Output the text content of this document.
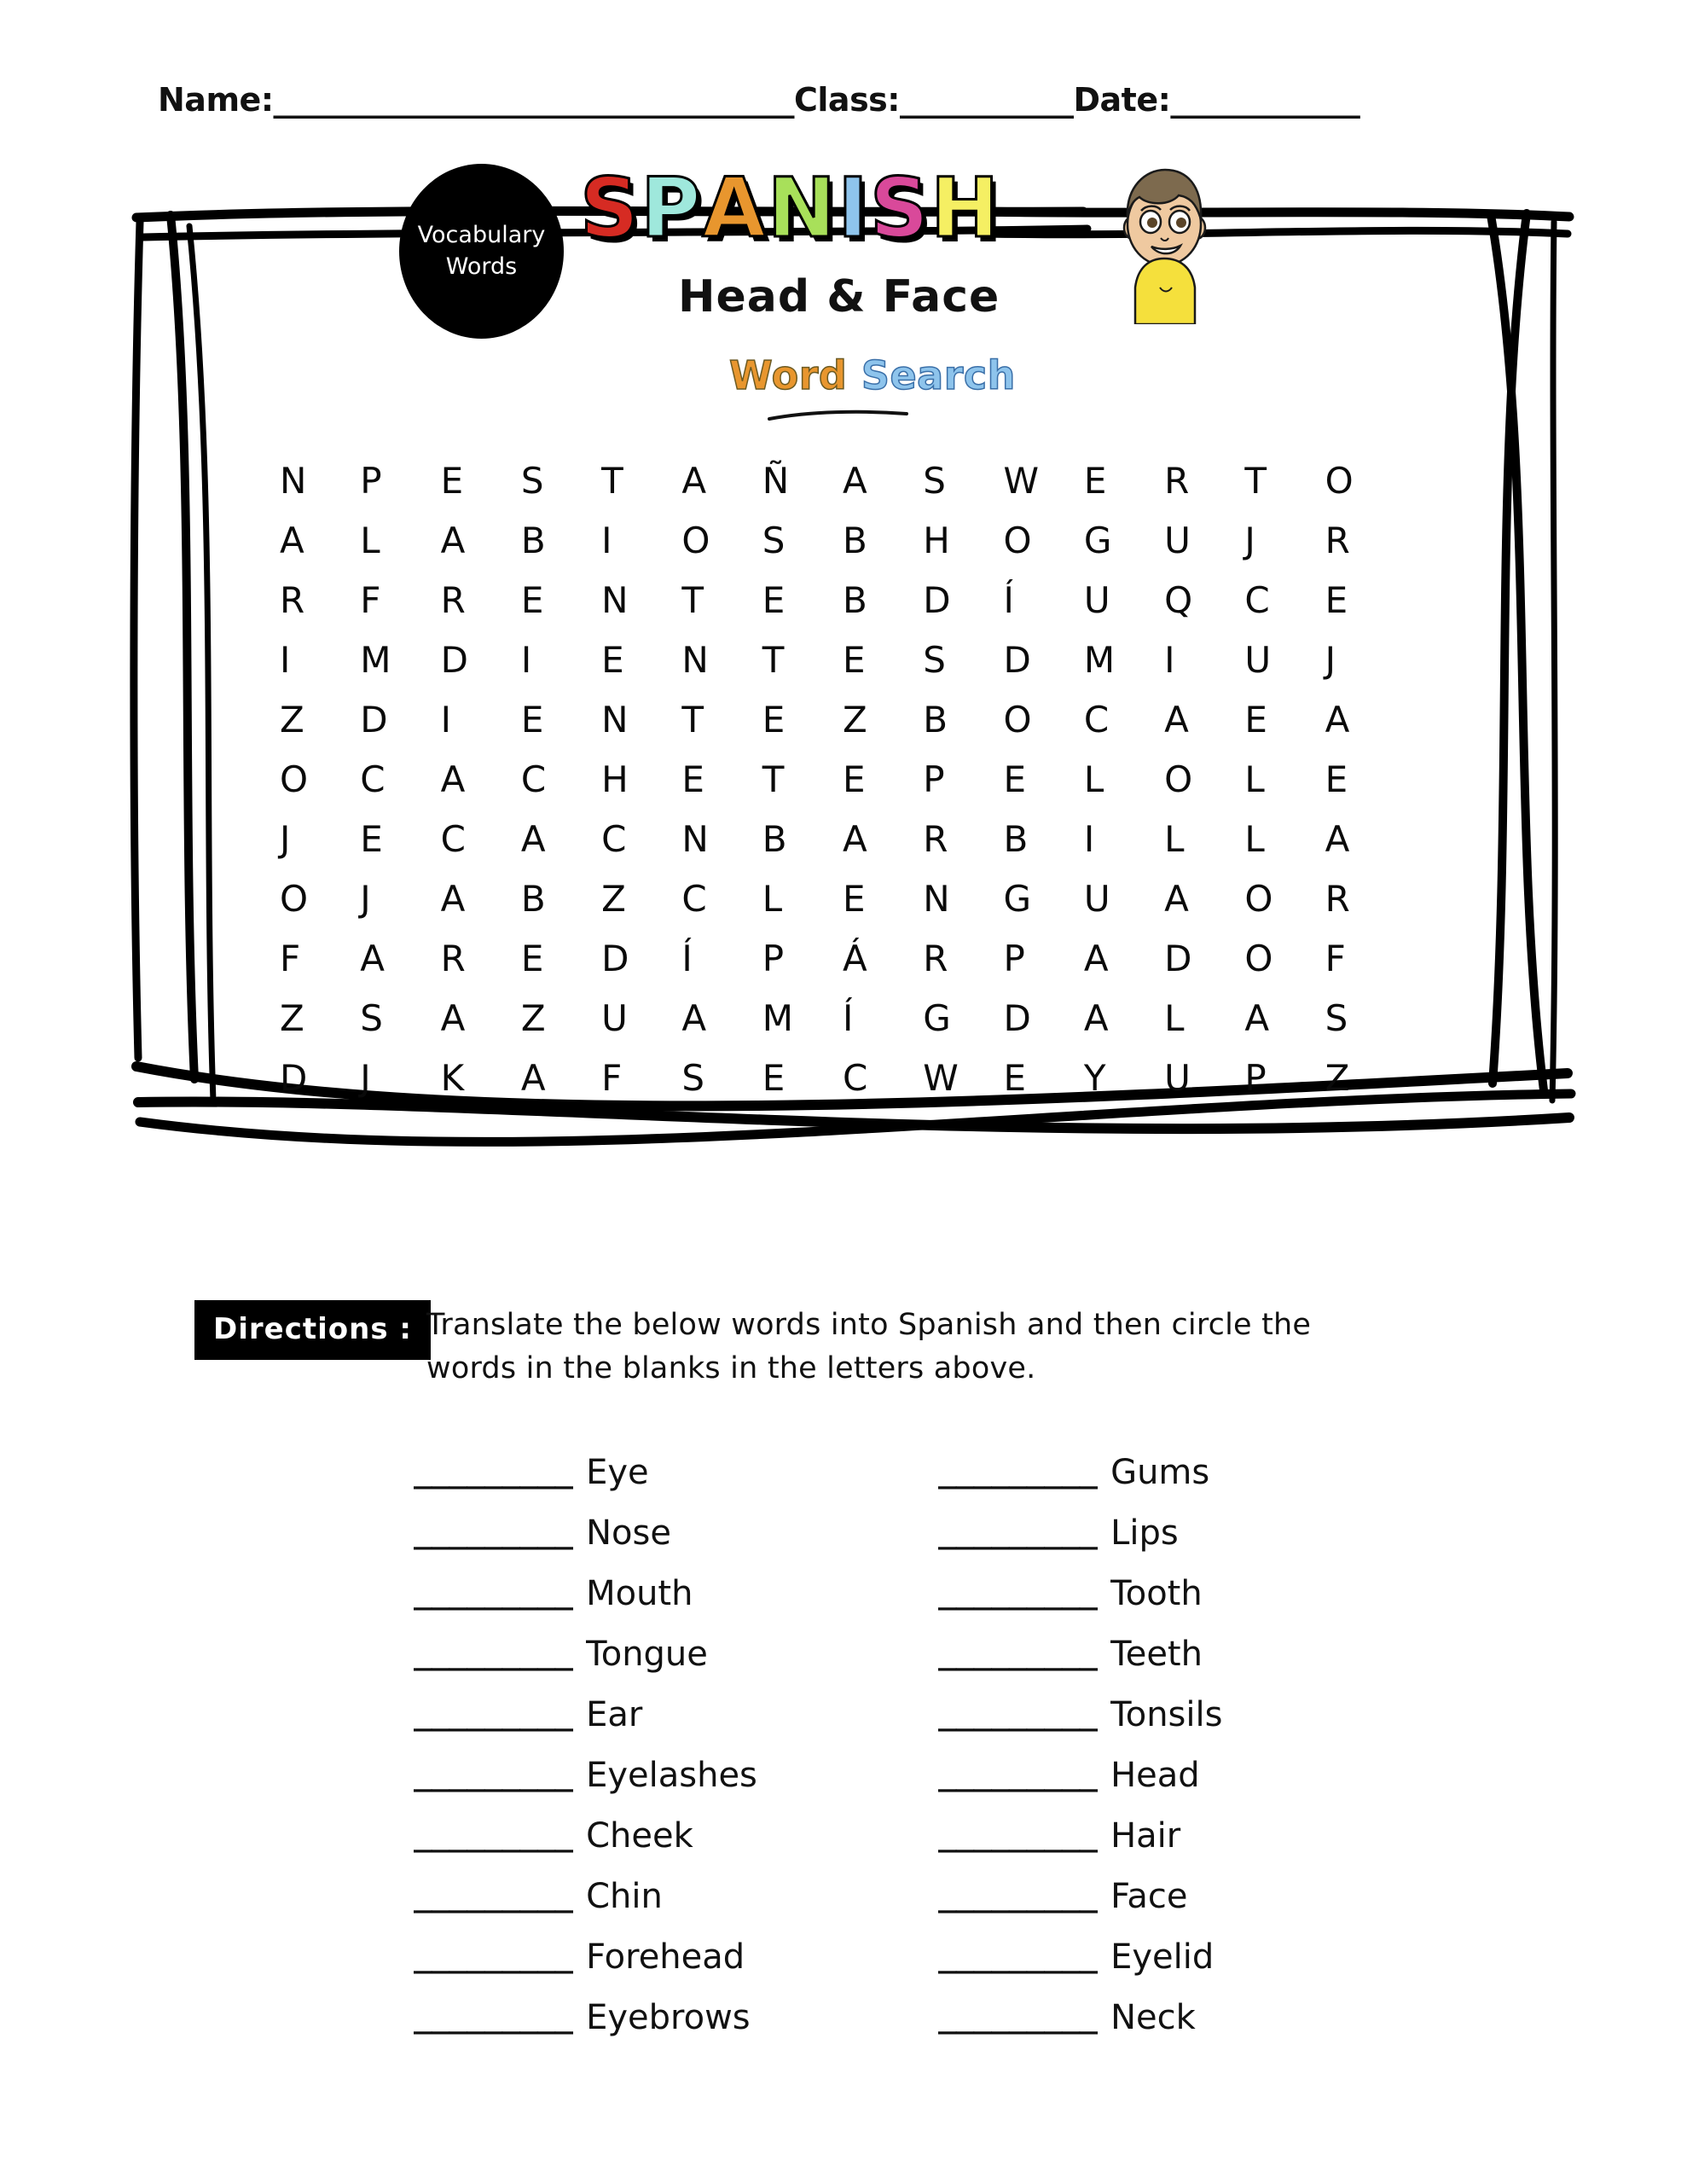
Name:_________________________________Class:___________Date:____________
Vocabulary
Words
SPANISH
Head & Face
Word Search
N	P	E	S	T	A	Ñ	A	S	W	E	R	T	O
A	L	A	B	I	O	S	B	H	O	G	U	J	R
R	F	R	E	N	T	E	B	D	Í	U	Q	C	E
I	M	D	I	E	N	T	E	S	D	M	I	U	J
Z	D	I	E	N	T	E	Z	B	O	C	A	E	A
O	C	A	C	H	E	T	E	P	E	L	O	L	E
J	E	C	A	C	N	B	A	R	B	I	L	L	A
O	J	A	B	Z	C	L	E	N	G	U	A	O	R
F	A	R	E	D	Í	P	Á	R	P	A	D	O	F
Z	S	A	Z	U	A	M	Í	G	D	A	L	A	S
D	J	K	A	F	S	E	C	W	E	Y	U	P	Z
Directions : Translate the below words into Spanish and then circle the words in the blanks in the letters above.
_________ Eye
_________ Nose
_________ Mouth
_________ Tongue
_________ Ear
_________ Eyelashes
_________ Cheek
_________ Chin
_________ Forehead
_________ Eyebrows
_________ Gums
_________ Lips
_________ Tooth
_________ Teeth
_________ Tonsils
_________ Head
_________ Hair
_________ Face
_________ Eyelid
_________ Neck
